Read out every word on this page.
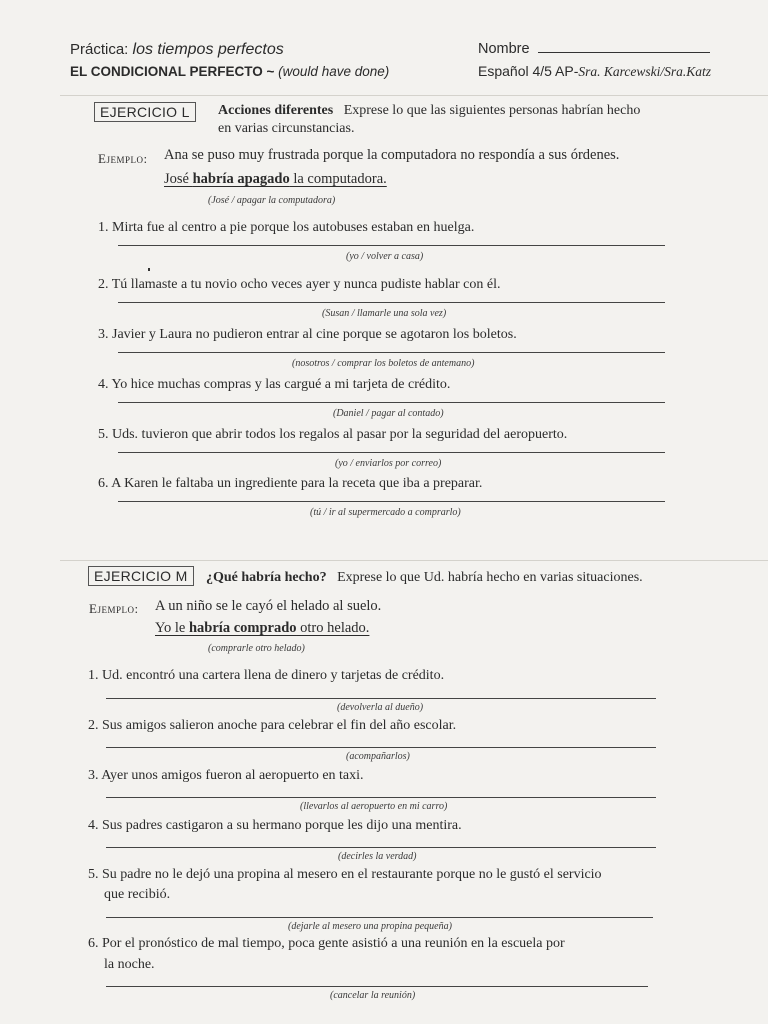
Práctica: los tiempos perfectos
EL CONDICIONAL PERFECTO ~ (would have done)
Nombre
Español 4/5 AP-Sra. Karcewski/Sra.Katz
EJERCICIO L	Acciones diferentes Exprese lo que las siguientes personas habrían hecho
en varias circunstancias.
Ejemplo: Ana se puso muy frustrada porque la computadora no respondía a sus órdenes.
José habría apagado la computadora.
(José / apagar la computadora)
1. Mirta fue al centro a pie porque los autobuses estaban en huelga.
(yo / volver a casa)
2. Tú llamaste a tu novio ocho veces ayer y nunca pudiste hablar con él.
(Susan / llamarle una sola vez)
3. Javier y Laura no pudieron entrar al cine porque se agotaron los boletos.
(nosotros / comprar los boletos de antemano)
4. Yo hice muchas compras y las cargué a mi tarjeta de crédito.
(Daniel / pagar al contado)
5. Uds. tuvieron que abrir todos los regalos al pasar por la seguridad del aeropuerto.
(yo / enviarlos por correo)
6. A Karen le faltaba un ingrediente para la receta que iba a preparar.
(tú / ir al supermercado a comprarlo)
EJERCICIO M	¿Qué habría hecho? Exprese lo que Ud. habría hecho en varias situaciones.
Ejemplo: A un niño se le cayó el helado al suelo.
Yo le habría comprado otro helado.
(comprarle otro helado)
1. Ud. encontró una cartera llena de dinero y tarjetas de crédito.
(devolverla al dueño)
2. Sus amigos salieron anoche para celebrar el fin del año escolar.
(acompañarlos)
3. Ayer unos amigos fueron al aeropuerto en taxi.
(llevarlos al aeropuerto en mi carro)
4. Sus padres castigaron a su hermano porque les dijo una mentira.
(decirles la verdad)
5. Su padre no le dejó una propina al mesero en el restaurante porque no le gustó el servicio
que recibió.
(dejarle al mesero una propina pequeña)
6. Por el pronóstico de mal tiempo, poca gente asistió a una reunión en la escuela por
la noche.
(cancelar la reunión)
